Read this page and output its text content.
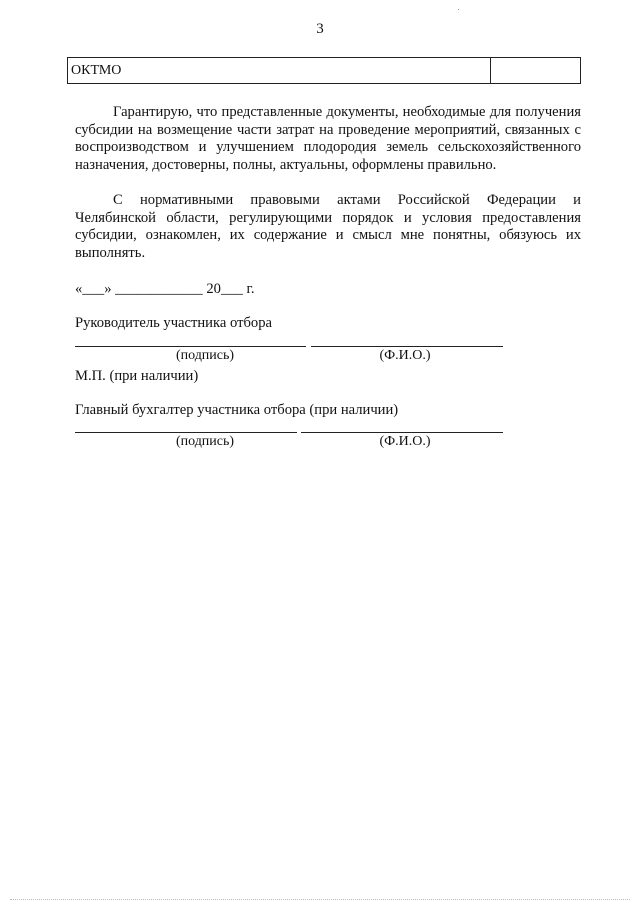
3
ОКТМО

Гарантирую, что представленные документы, необходимые для получения субсидии на возмещение части затрат на проведение мероприятий, связанных с воспроизводством и улучшением плодородия земель сельскохозяйственного назначения, достоверны, полны, актуальны, оформлены правильно.

С нормативными правовыми актами Российской Федерации и Челябинской области, регулирующими порядок и условия предоставления субсидии, ознакомлен, их содержание и смысл мне понятны, обязуюсь их выполнять.

«___» ____________ 20___ г.
Руководитель участника отбора
(подпись)	(Ф.И.О.)
М.П. (при наличии)
Главный бухгалтер участника отбора (при наличии)
(подпись)	(Ф.И.О.)
